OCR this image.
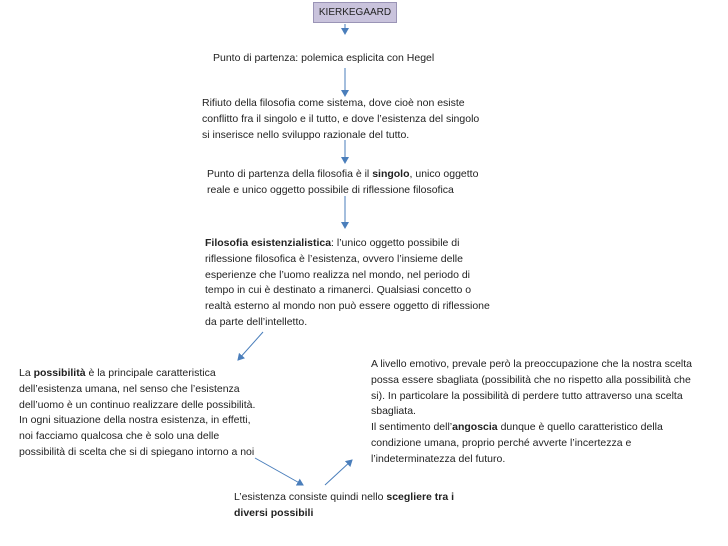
KIERKEGAARD
Punto di partenza: polemica esplicita con Hegel
Rifiuto della filosofia come sistema, dove cioè non esiste
conflitto fra il singolo e il tutto, e dove l’esistenza del singolo
si inserisce nello sviluppo razionale del tutto.
Punto di partenza della filosofia è il singolo, unico oggetto
reale e unico oggetto possibile di riflessione filosofica
Filosofia esistenzialistica: l’unico oggetto possibile di
riflessione filosofica è l’esistenza, ovvero l’insieme delle
esperienze che l’uomo realizza nel mondo, nel periodo di
tempo in cui è destinato a rimanerci. Qualsiasi concetto o
realtà esterno al mondo non può essere oggetto di riflessione
da parte dell’intelletto.
La possibilità è la principale caratteristica
dell’esistenza umana, nel senso che l’esistenza
dell’uomo è un continuo realizzare delle possibilità.
In ogni situazione della nostra esistenza, in effetti,
noi facciamo qualcosa che è solo una delle
possibilità di scelta che si di spiegano intorno a noi
A livello emotivo, prevale però la preoccupazione che la nostra scelta
possa essere sbagliata (possibilità che no rispetto alla possibilità che
si). In particolare la possibilità di perdere tutto attraverso una scelta
sbagliata.
Il sentimento dell’angoscia dunque è quello caratteristico della
condizione umana, proprio perché avverte l’incertezza e
l’indeterminatezza del futuro.
L’esistenza consiste quindi nello scegliere tra i
diversi possibili
